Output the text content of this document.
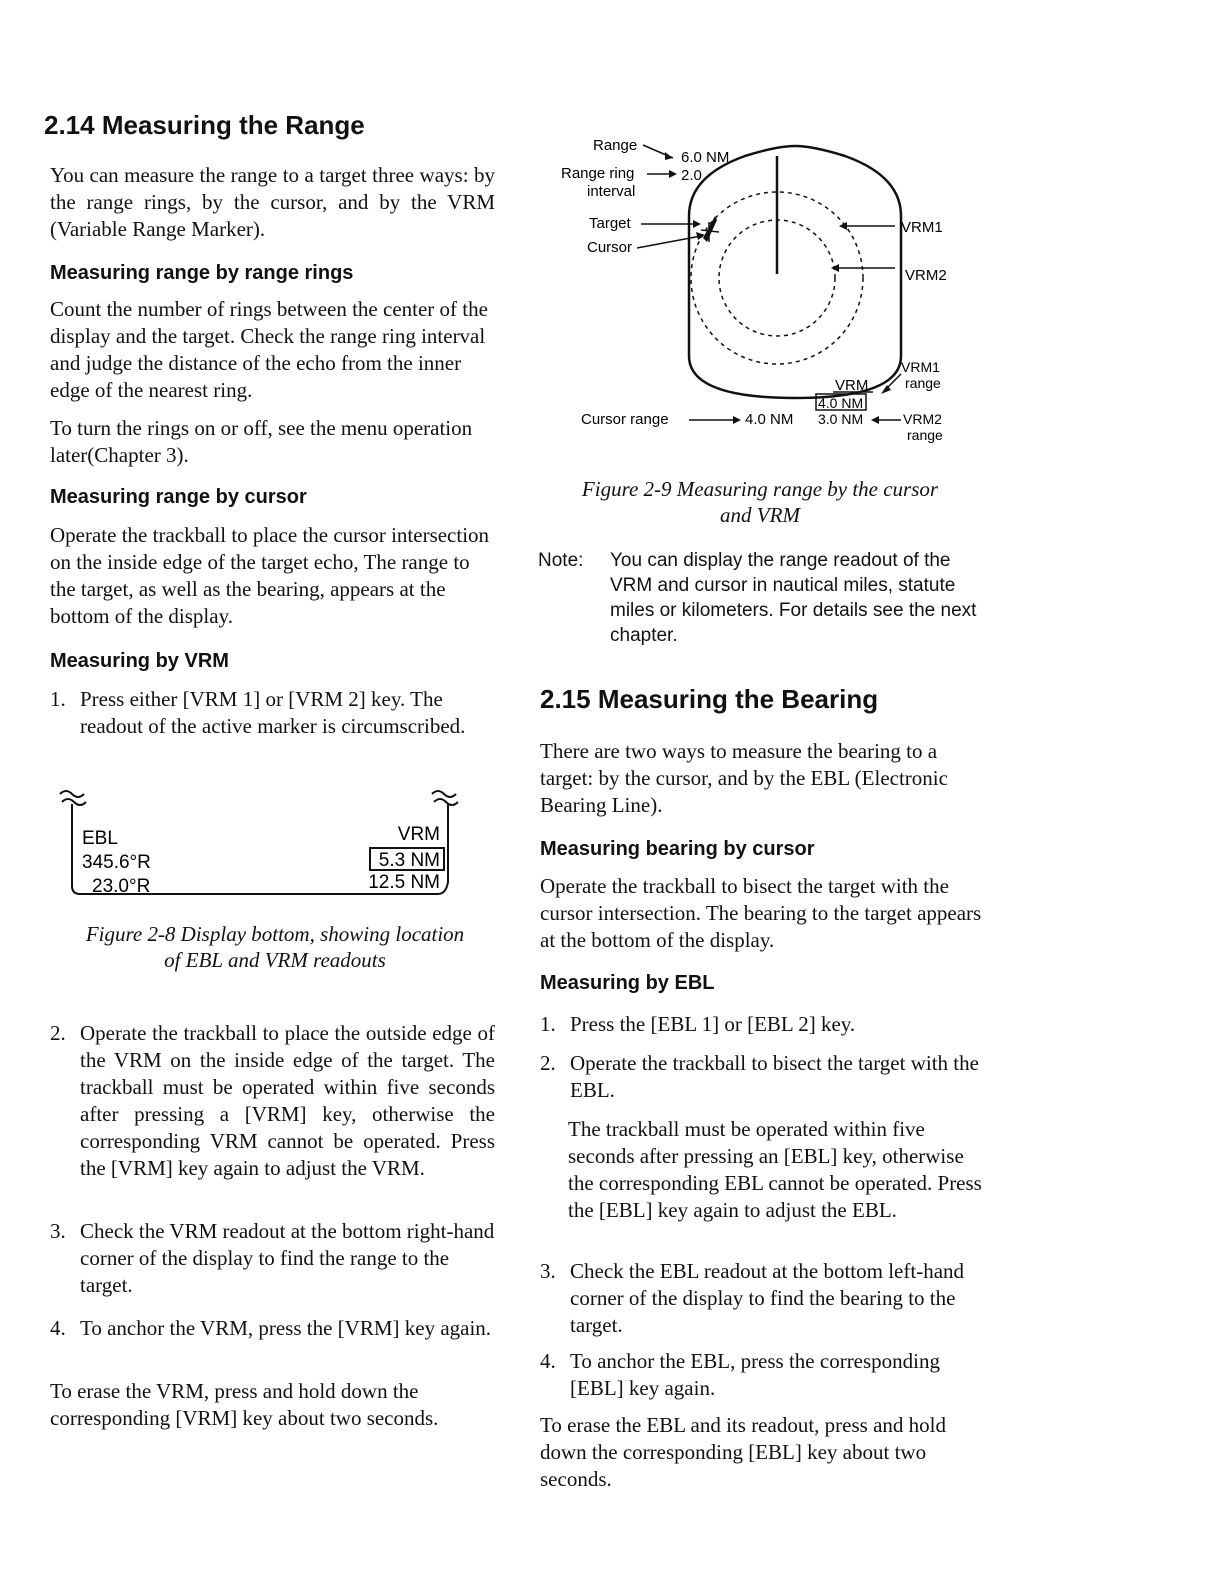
2.14 Measuring the Range

You can measure the range to a target three ways: by the range rings, by the cursor, and by the VRM (Variable Range Marker).

Measuring range by range rings

Count the number of rings between the center of the display and the target. Check the range ring interval and judge the distance of the echo from the inner edge of the nearest ring.

To turn the rings on or off, see the menu operation later(Chapter 3).

Measuring range by cursor

Operate the trackball to place the cursor intersection on the inside edge of the target echo, The range to the target, as well as the bearing, appears at the bottom of the display.

Measuring by VRM
1. Press either [VRM 1] or [VRM 2] key. The readout of the active marker is circumscribed.
EBL
345.6°R
23.0°R
VRM
5.3 NM
12.5 NM
Figure 2-8 Display bottom, showing location
of EBL and VRM readouts
2. Operate the trackball to place the outside edge of the VRM on the inside edge of the target. The trackball must be operated within five seconds after pressing a [VRM] key, otherwise the corresponding VRM cannot be operated. Press the [VRM] key again to adjust the VRM.
3. Check the VRM readout at the bottom right-hand corner of the display to find the range to the target.
4. To anchor the VRM, press the [VRM] key again.

To erase the VRM, press and hold down the corresponding [VRM] key about two seconds.

Range
6.0 NM
Range ring	2.0
interval
Target
Cursor
VRM1
VRM2
VRM1
range
VRM
4.0 NM
3.0 NM	VRM2
range
Cursor range	4.0 NM
Figure 2-9 Measuring range by the cursor
and VRM
Note: You can display the range readout of the VRM and cursor in nautical miles, statute miles or kilometers. For details see the next chapter.
2.15 Measuring the Bearing

There are two ways to measure the bearing to a target: by the cursor, and by the EBL (Electronic Bearing Line).

Measuring bearing by cursor

Operate the trackball to bisect the target with the cursor intersection. The bearing to the target appears at the bottom of the display.

Measuring by EBL
1. Press the [EBL 1] or [EBL 2] key.
2. Operate the trackball to bisect the target with the EBL.

The trackball must be operated within five seconds after pressing an [EBL] key, otherwise the corresponding EBL cannot be operated. Press the [EBL] key again to adjust the EBL.

3. Check the EBL readout at the bottom left-hand corner of the display to find the bearing to the target.
4. To anchor the EBL, press the corresponding [EBL] key again.

To erase the EBL and its readout, press and hold down the corresponding [EBL] key about two seconds.
